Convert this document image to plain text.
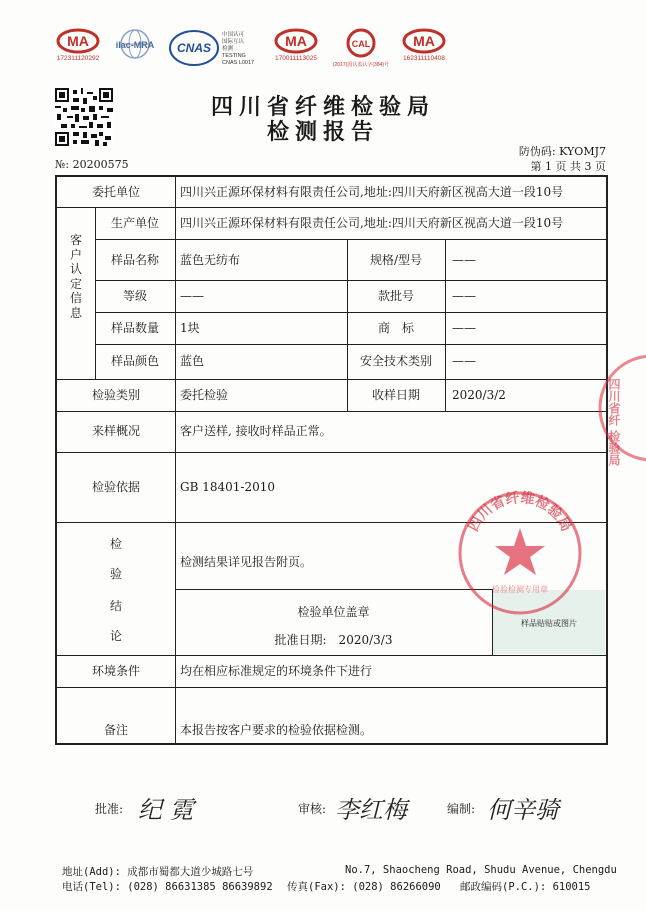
MA
172311120292
ilac-MRA CNAS
中国认可
国际互认
检测
TESTING
CNAS L0017
MA
170011113025
CAL
(2017)国认监认字(384)号
MA
162311110408
四川省纤维检验局
检测报告
防伪码: KYOMJ7
第 1 页 共 3 页
№: 20200575
委托单位	四川兴正源环保材料有限责任公司,地址:四川天府新区视高大道一段10号
客户认定信息
生产单位	四川兴正源环保材料有限责任公司,地址:四川天府新区视高大道一段10号
样品名称	蓝色无纺布	规格/型号	——
等级	——	款批号	——
样品数量	1块	商　标	——
样品颜色	蓝色	安全技术类别	——
检验类别	委托检验	收样日期	2020/3/2
来样概况	客户送样, 接收时样品正常。
检验依据	GB 18401-2010
检
验
结
论
检测结果详见报告附页。
检验单位盖章
批准日期:　2020/3/3
样品贴贴或图片
环境条件	均在相应标准规定的环境条件下进行
备注	本报告按客户要求的检验依据检测。
四川省纤维检验局
检验检测专用章
四川省纤 检验局
批准: 纪 霓	审核: 李红梅	编制: 何辛骑
地址(Add): 成都市蜀都大道少城路七号	No.7, Shaocheng Road, Shudu Avenue, Chengdu
电话(Tel): (028) 86631385 86639892 传真(Fax): (028) 86266090 邮政编码(P.C.): 610015
